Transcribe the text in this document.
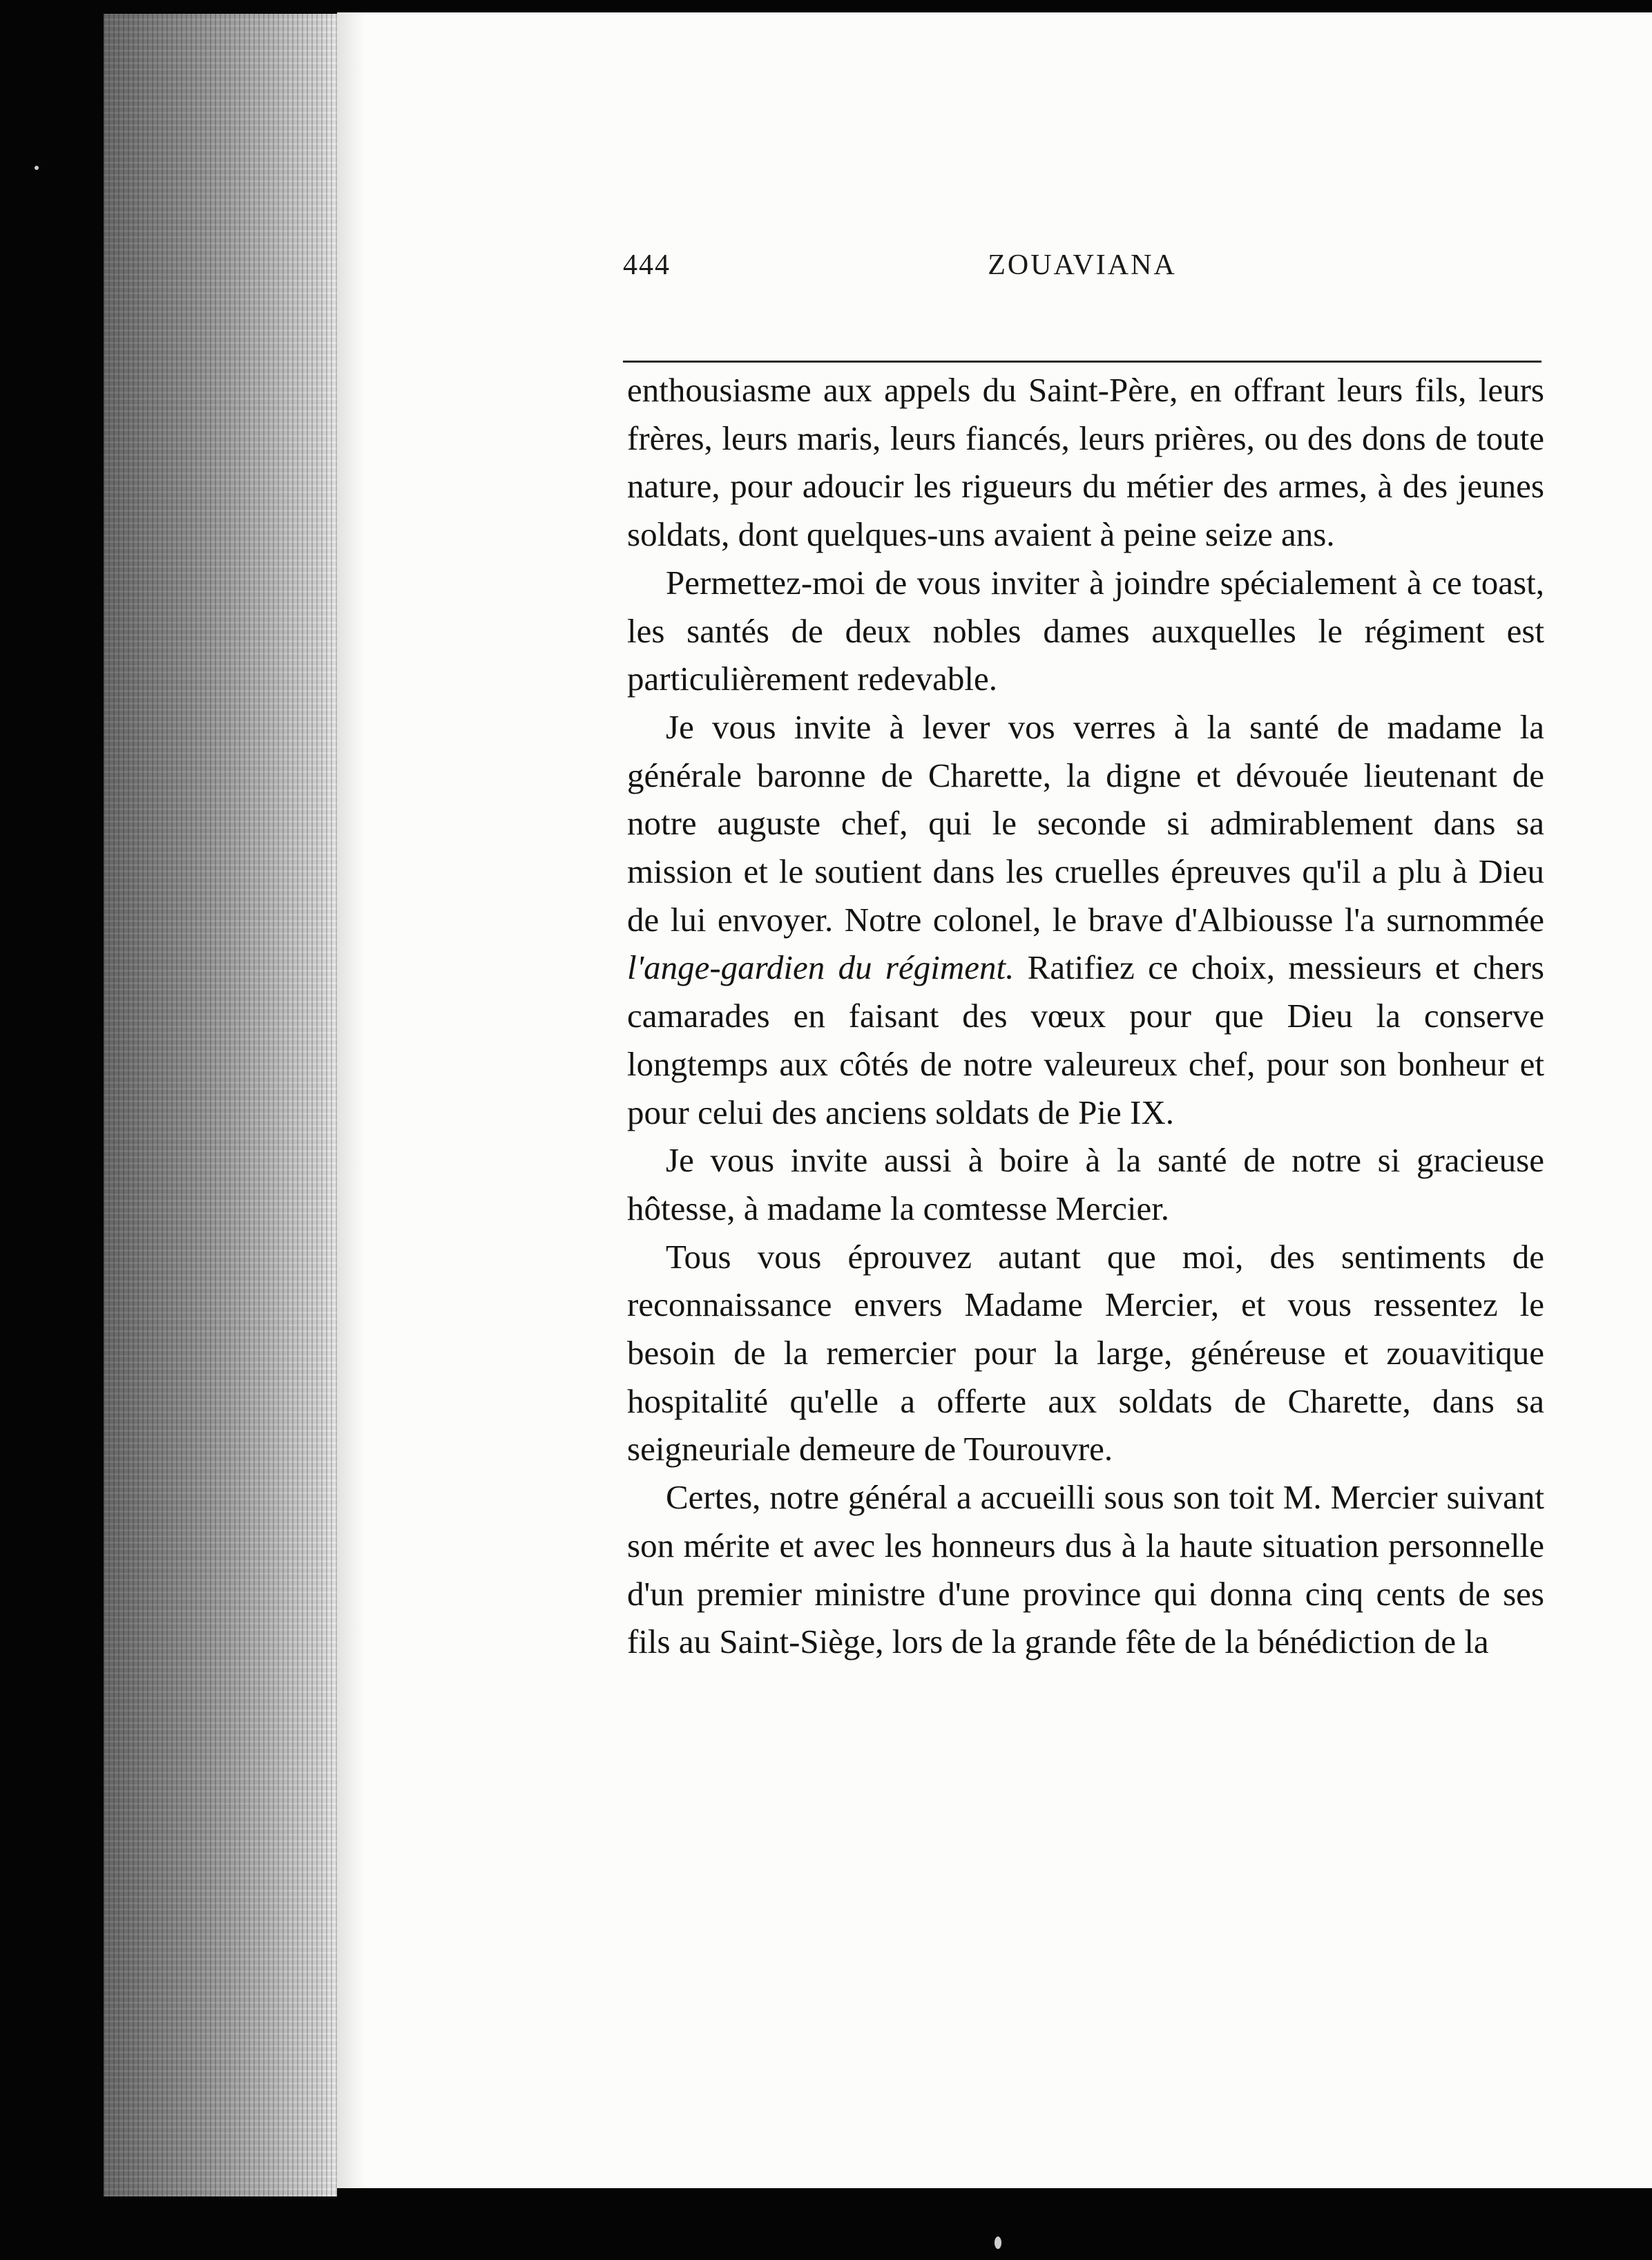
444	ZOUAVIANA

enthousiasme aux appels du Saint-Père, en offrant leurs fils, leurs frères, leurs maris, leurs fiancés, leurs prières, ou des dons de toute nature, pour adoucir les rigueurs du métier des armes, à des jeunes soldats, dont quelques-uns avaient à peine seize ans.

Permettez-moi de vous inviter à joindre spécialement à ce toast, les santés de deux nobles dames auxquelles le régiment est particulièrement redevable.

Je vous invite à lever vos verres à la santé de madame la générale baronne de Charette, la digne et dévouée lieutenant de notre auguste chef, qui le seconde si admirablement dans sa mission et le soutient dans les cruelles épreuves qu'il a plu à Dieu de lui envoyer. Notre colonel, le brave d'Albiousse l'a surnommée l'ange-gardien du régiment. Ratifiez ce choix, messieurs et chers camarades en faisant des vœux pour que Dieu la conserve longtemps aux côtés de notre valeureux chef, pour son bonheur et pour celui des anciens soldats de Pie IX.

Je vous invite aussi à boire à la santé de notre si gracieuse hôtesse, à madame la comtesse Mercier.

Tous vous éprouvez autant que moi, des sentiments de reconnaissance envers Madame Mercier, et vous ressentez le besoin de la remercier pour la large, généreuse et zouavitique hospitalité qu'elle a offerte aux soldats de Charette, dans sa seigneuriale demeure de Tourouvre.

Certes, notre général a accueilli sous son toit M. Mercier suivant son mérite et avec les honneurs dus à la haute situation personnelle d'un premier ministre d'une province qui donna cinq cents de ses fils au Saint-Siège, lors de la grande fête de la bénédiction de la
